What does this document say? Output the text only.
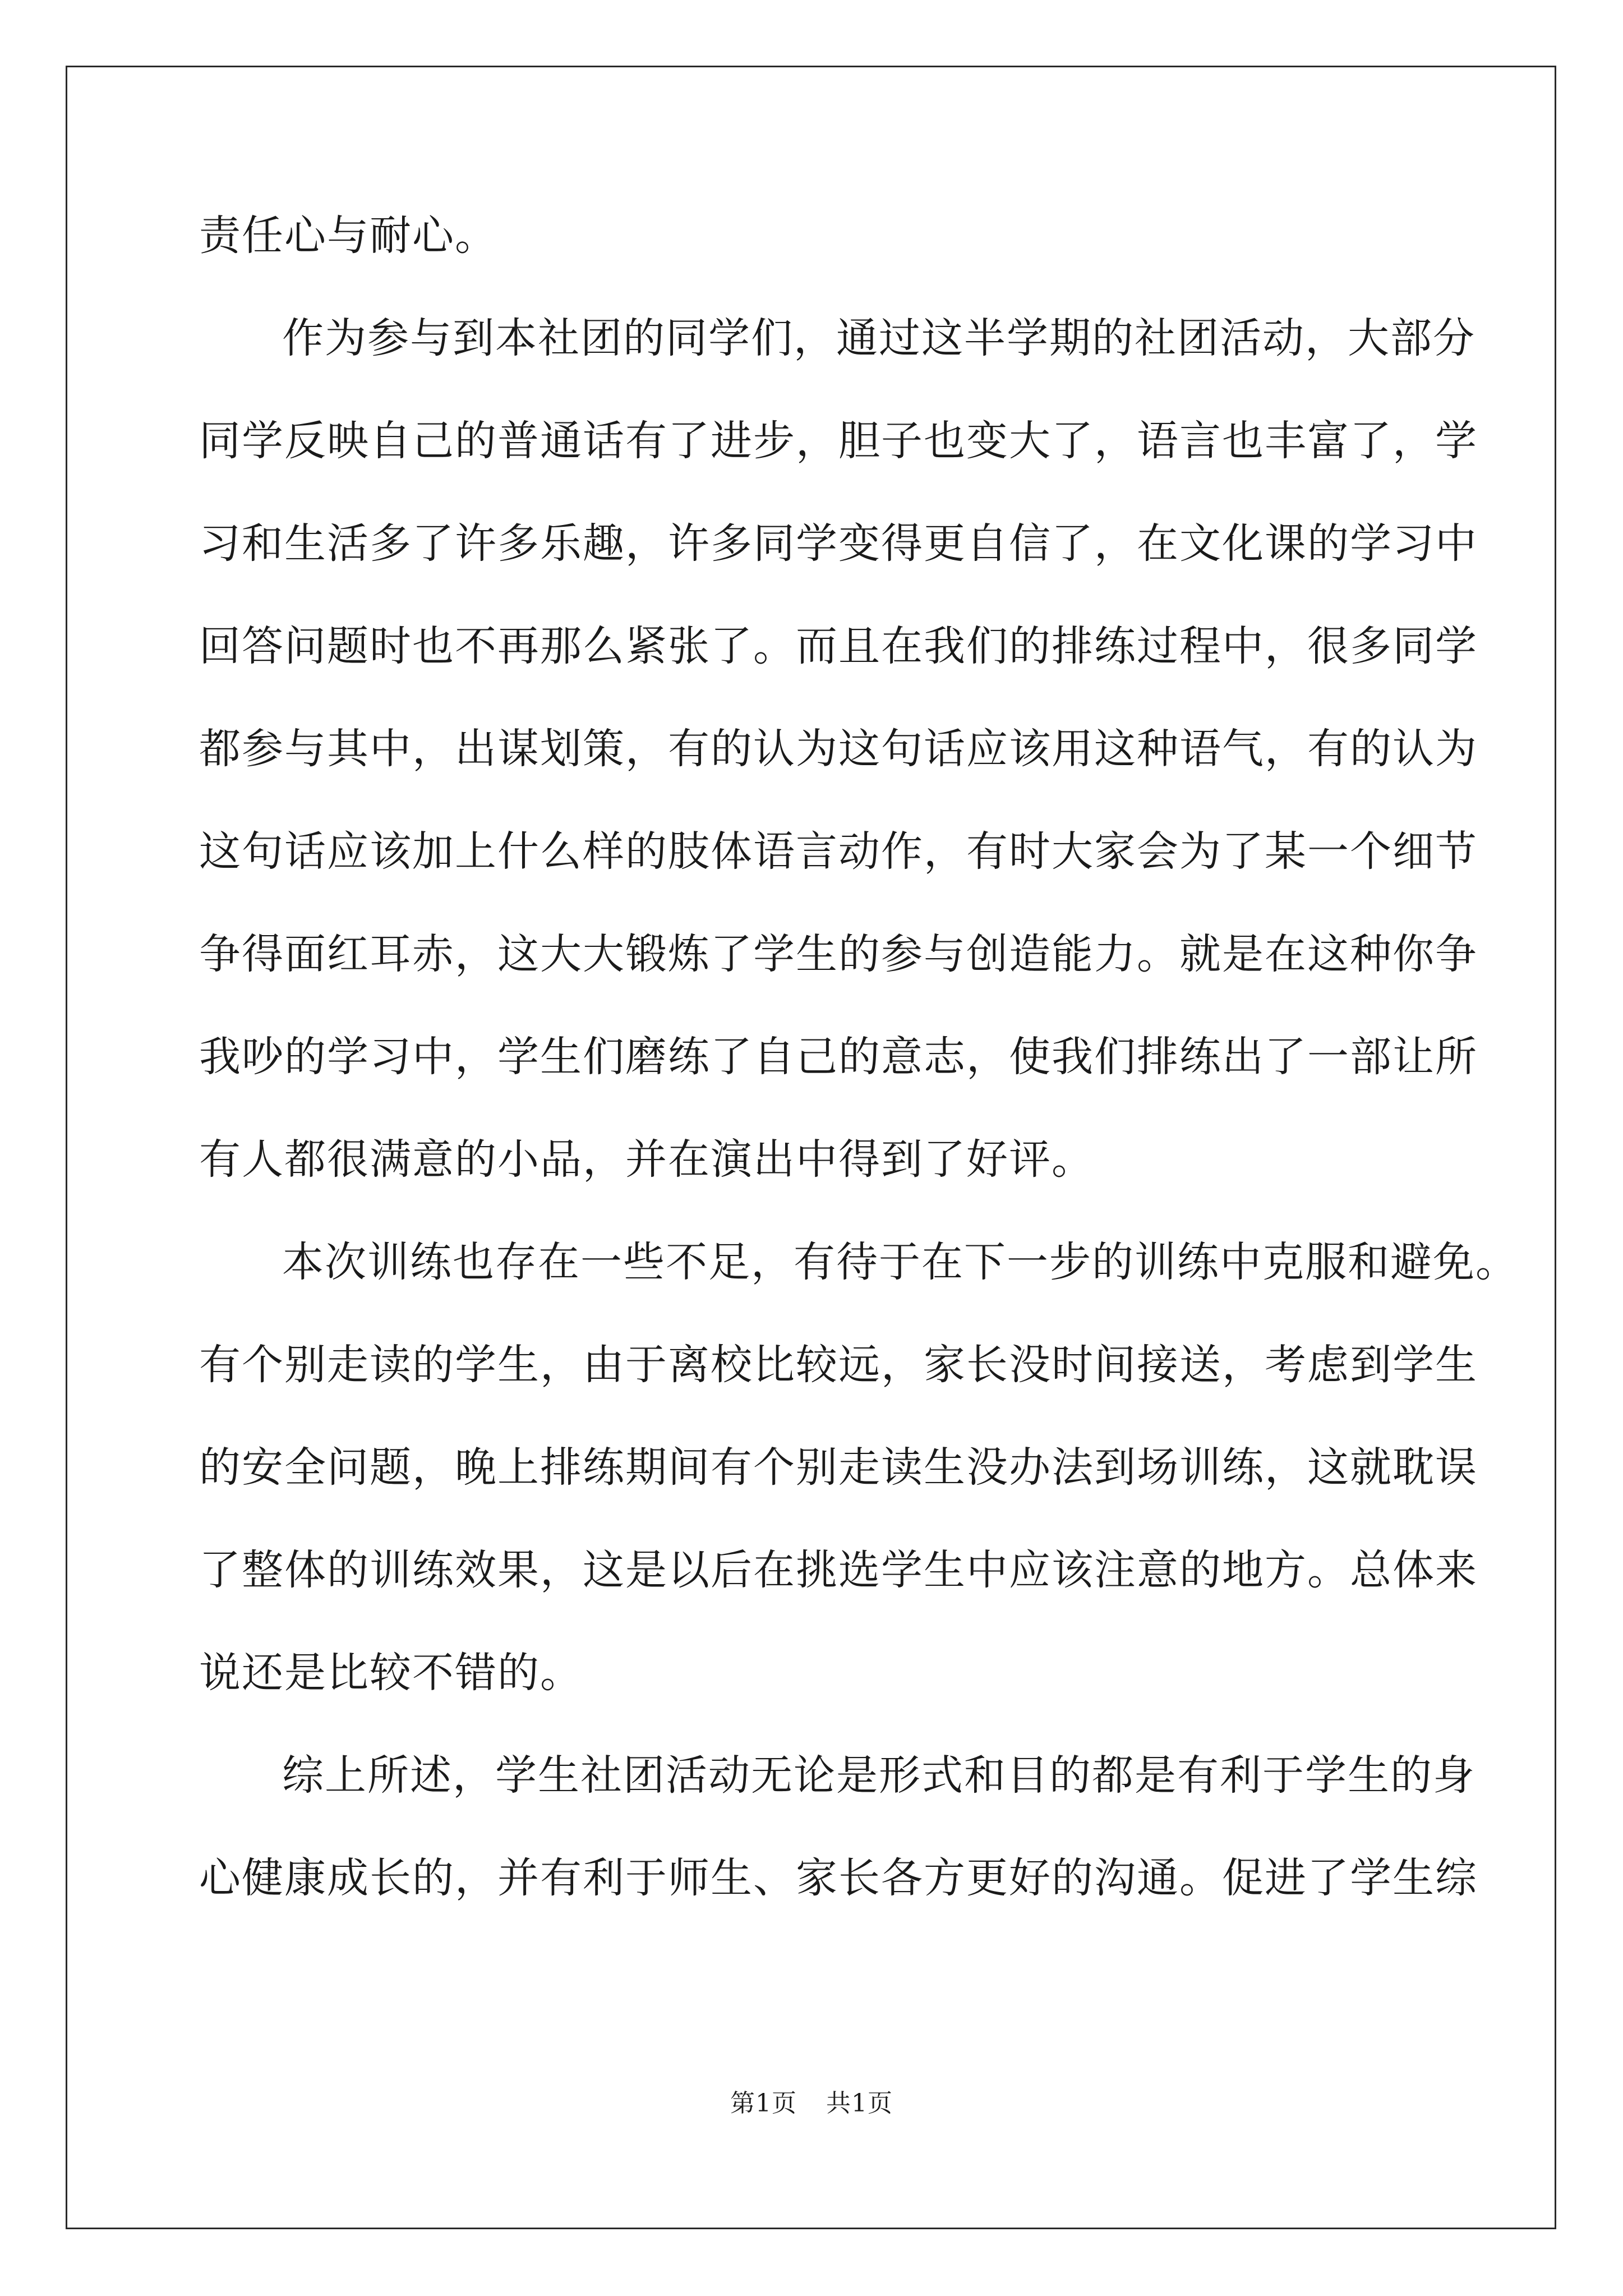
责任心与耐心。
作为参与到本社团的同学们，通过这半学期的社团活动，大部分
同学反映自己的普通话有了进步，胆子也变大了，语言也丰富了，学
习和生活多了许多乐趣，许多同学变得更自信了，在文化课的学习中
回答问题时也不再那么紧张了。而且在我们的排练过程中，很多同学
都参与其中，出谋划策，有的认为这句话应该用这种语气，有的认为
这句话应该加上什么样的肢体语言动作，有时大家会为了某一个细节
争得面红耳赤，这大大锻炼了学生的参与创造能力。就是在这种你争
我吵的学习中，学生们磨练了自己的意志，使我们排练出了一部让所
有人都很满意的小品，并在演出中得到了好评。
本次训练也存在一些不足，有待于在下一步的训练中克服和避免。
有个别走读的学生，由于离校比较远，家长没时间接送，考虑到学生
的安全问题，晚上排练期间有个别走读生没办法到场训练，这就耽误
了整体的训练效果，这是以后在挑选学生中应该注意的地方。总体来
说还是比较不错的。
综上所述，学生社团活动无论是形式和目的都是有利于学生的身
心健康成长的，并有利于师生、家长各方更好的沟通。促进了学生综
第1页 共1页
